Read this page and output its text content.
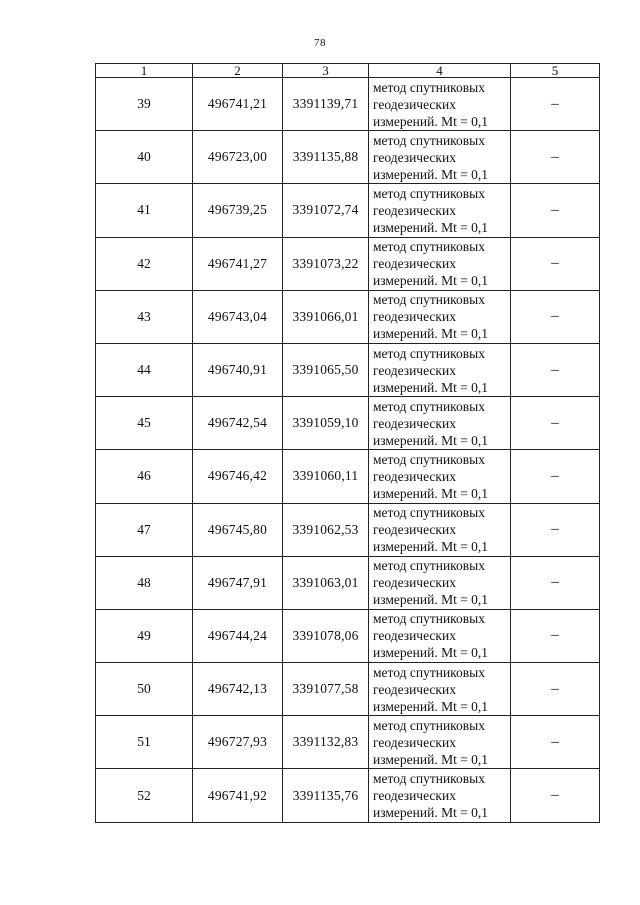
78
1	2	3	4	5
39	496741,21	3391139,71	метод спутниковых
геодезических
измерений. Mt = 0,1	–
40	496723,00	3391135,88	метод спутниковых
геодезических
измерений. Mt = 0,1	–
41	496739,25	3391072,74	метод спутниковых
геодезических
измерений. Mt = 0,1	–
42	496741,27	3391073,22	метод спутниковых
геодезических
измерений. Mt = 0,1	–
43	496743,04	3391066,01	метод спутниковых
геодезических
измерений. Mt = 0,1	–
44	496740,91	3391065,50	метод спутниковых
геодезических
измерений. Mt = 0,1	–
45	496742,54	3391059,10	метод спутниковых
геодезических
измерений. Mt = 0,1	–
46	496746,42	3391060,11	метод спутниковых
геодезических
измерений. Mt = 0,1	–
47	496745,80	3391062,53	метод спутниковых
геодезических
измерений. Mt = 0,1	–
48	496747,91	3391063,01	метод спутниковых
геодезических
измерений. Mt = 0,1	–
49	496744,24	3391078,06	метод спутниковых
геодезических
измерений. Mt = 0,1	–
50	496742,13	3391077,58	метод спутниковых
геодезических
измерений. Mt = 0,1	–
51	496727,93	3391132,83	метод спутниковых
геодезических
измерений. Mt = 0,1	–
52	496741,92	3391135,76	метод спутниковых
геодезических
измерений. Mt = 0,1	–
